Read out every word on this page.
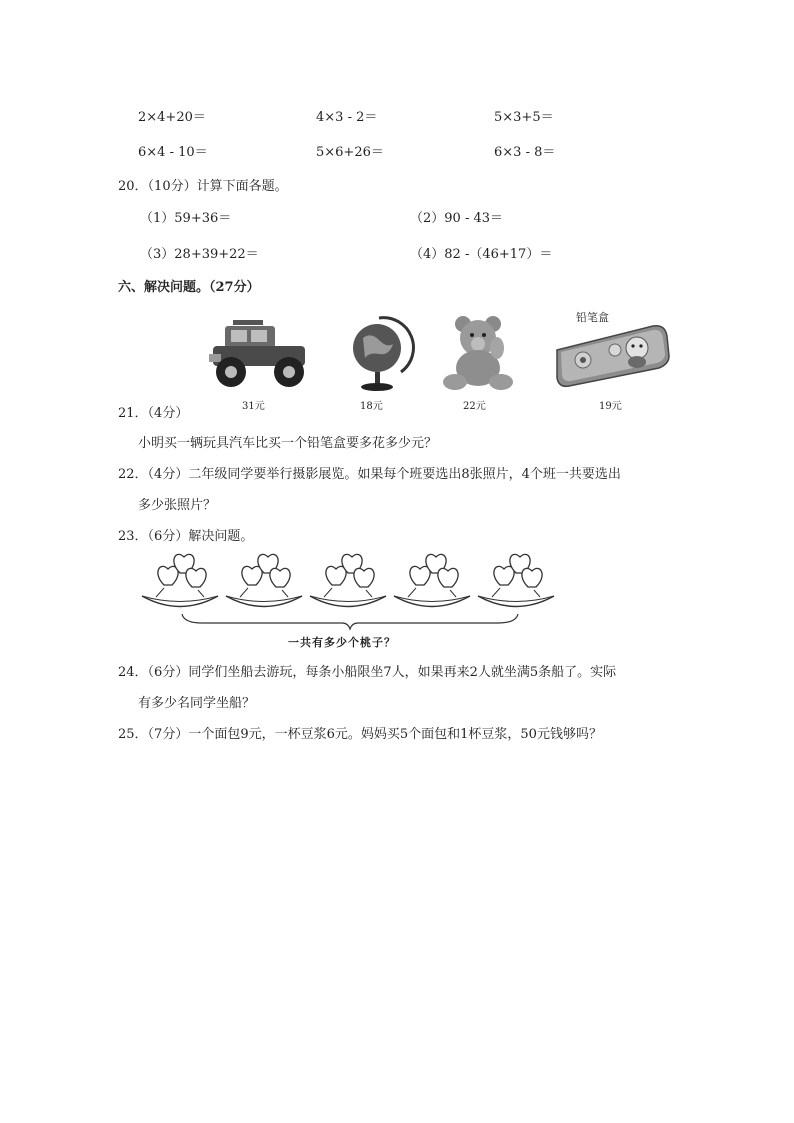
2×4+20＝	4×3 - 2＝	5×3+5＝
6×4 - 10＝	5×6+26＝	6×3 - 8＝
20．（10分）计算下面各题。
（1）59+36＝	（2）90 - 43＝
（3）28+39+22＝	（4）82 -（46+17）＝
六、解决问题。（27分）
铅笔盒
31元	18元	22元	19元
21．（4分）
小明买一辆玩具汽车比买一个铅笔盒要多花多少元？
22．（4分）二年级同学要举行摄影展览。如果每个班要选出8张照片，4个班一共要选出
多少张照片？
23．（6分）解决问题。
一共有多少个桃子？
24．（6分）同学们坐船去游玩，每条小船限坐7人，如果再来2人就坐满5条船了。实际
有多少名同学坐船？
25．（7分）一个面包9元，一杯豆浆6元。妈妈买5个面包和1杯豆浆，50元钱够吗？
